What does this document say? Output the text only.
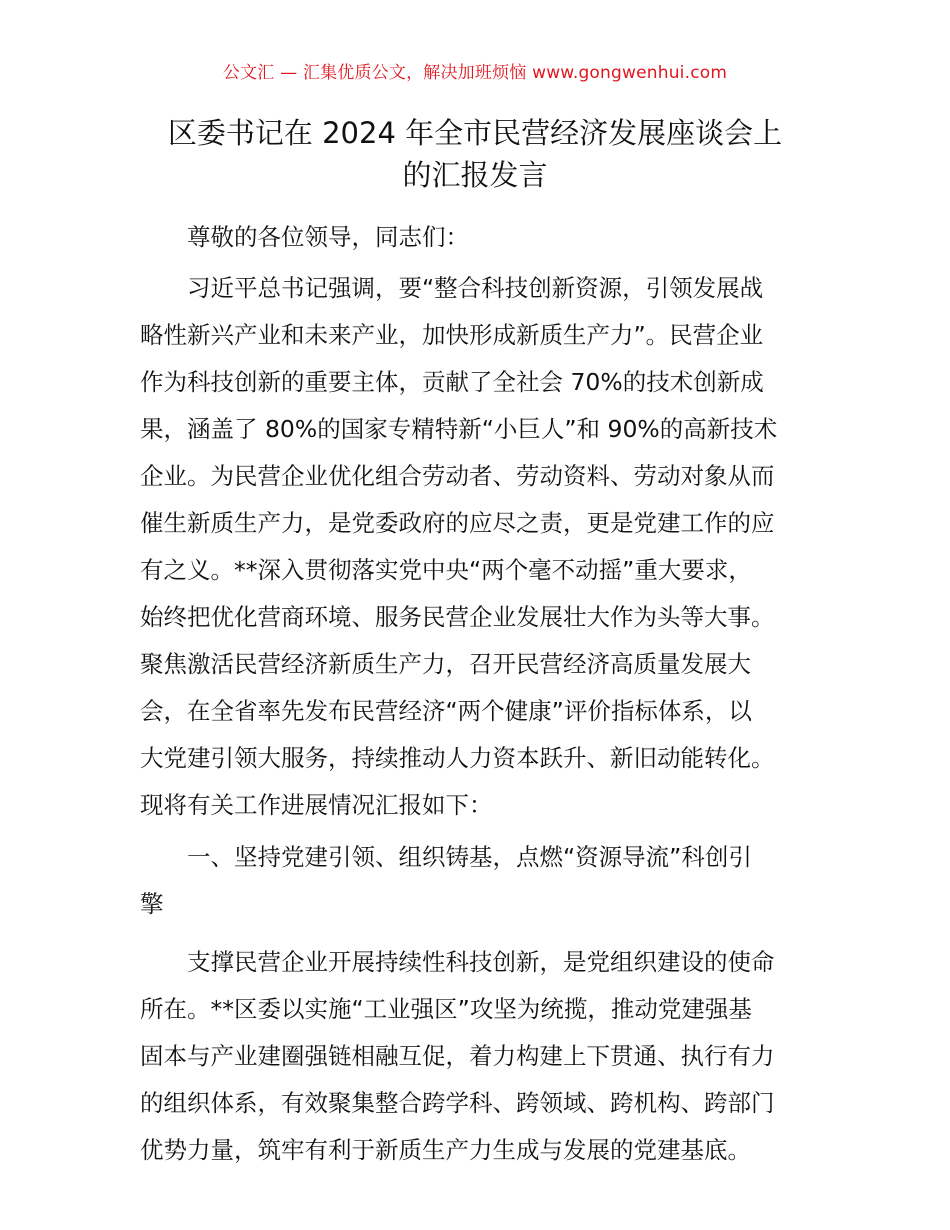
公文汇 — 汇集优质公文，解决加班烦恼 www.gongwenhui.com
区委书记在 2024 年全市民营经济发展座谈会上
的汇报发言
尊敬的各位领导，同志们：
习近平总书记强调，要“整合科技创新资源，引领发展战
略性新兴产业和未来产业，加快形成新质生产力”。民营企业
作为科技创新的重要主体，贡献了全社会 70%的技术创新成
果，涵盖了 80%的国家专精特新“小巨人”和 90%的高新技术
企业。为民营企业优化组合劳动者、劳动资料、劳动对象从而
催生新质生产力，是党委政府的应尽之责，更是党建工作的应
有之义。**深入贯彻落实党中央“两个毫不动摇”重大要求，
始终把优化营商环境、服务民营企业发展壮大作为头等大事。
聚焦激活民营经济新质生产力，召开民营经济高质量发展大
会，在全省率先发布民营经济“两个健康”评价指标体系，以
大党建引领大服务，持续推动人力资本跃升、新旧动能转化。
现将有关工作进展情况汇报如下：
一、坚持党建引领、组织铸基，点燃“资源导流”科创引
擎
支撑民营企业开展持续性科技创新，是党组织建设的使命
所在。**区委以实施“工业强区”攻坚为统揽，推动党建强基
固本与产业建圈强链相融互促，着力构建上下贯通、执行有力
的组织体系，有效聚集整合跨学科、跨领域、跨机构、跨部门
优势力量，筑牢有利于新质生产力生成与发展的党建基底。
